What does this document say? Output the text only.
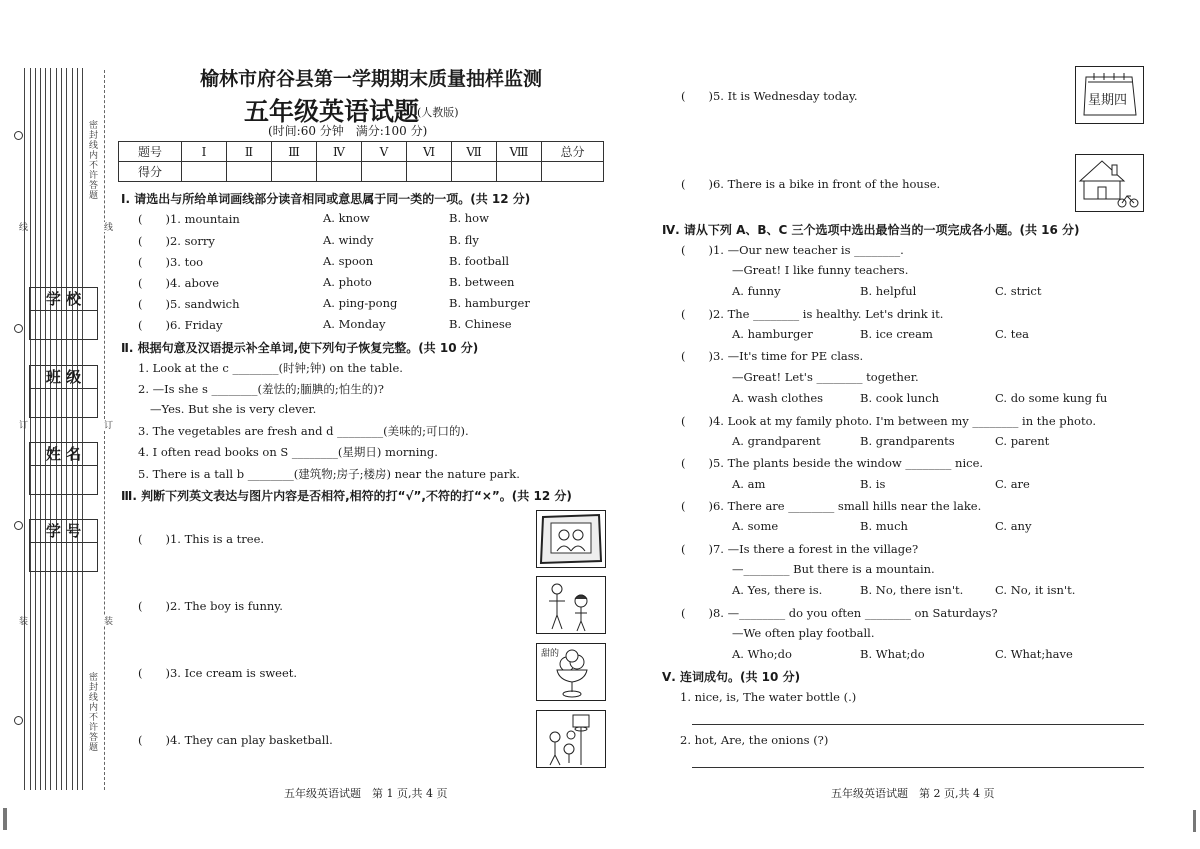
密封线内不许答题
密封线内不许答题
线	线
订	订
装	装
学 校
班 级
姓 名
学 号
榆林市府谷县第一学期期末质量抽样监测
五年级英语试题
(人教版)
(时间:60 分钟　满分:100 分)
题号	Ⅰ	Ⅱ	Ⅲ	Ⅳ	Ⅴ	Ⅵ	Ⅶ	Ⅷ	总分
得分									
Ⅰ. 请选出与所给单词画线部分读音相同或意思属于同一类的一项。(共 12 分)
(　　)1. mountain	A. know	B. how
(　　)2. sorry	A. windy	B. fly
(　　)3. too	A. spoon	B. football
(　　)4. above	A. photo	B. between
(　　)5. sandwich	A. ping-pong	B. hamburger
(　　)6. Friday	A. Monday	B. Chinese
Ⅱ. 根据句意及汉语提示补全单词,使下列句子恢复完整。(共 10 分)
1. Look at the c ________(时钟;钟) on the table.
2. —Is she s ________(羞怯的;腼腆的;怕生的)?
—Yes. But she is very clever.
3. The vegetables are fresh and d ________(美味的;可口的).
4. I often read books on S ________(星期日) morning.
5. There is a tall b ________(建筑物;房子;楼房) near the nature park.
Ⅲ. 判断下列英文表达与图片内容是否相符,相符的打“√”,不符的打“×”。(共 12 分)
(　　)1. This is a tree.
(　　)2. The boy is funny.
(　　)3. Ice cream is sweet.
(　　)4. They can play basketball.
甜的
(　　)5. It is Wednesday today.
(　　)6. There is a bike in front of the house.
星期四
Ⅳ. 请从下列 A、B、C 三个选项中选出最恰当的一项完成各小题。(共 16 分)
(　　)1. —Our new teacher is ________.
—Great! I like funny teachers.
A. funny	B. helpful	C. strict
(　　)2. The ________ is healthy. Let's drink it.
A. hamburger	B. ice cream	C. tea
(　　)3. —It's time for PE class.
—Great! Let's ________ together.
A. wash clothes	B. cook lunch	C. do some kung fu
(　　)4. Look at my family photo. I'm between my ________ in the photo.
A. grandparent	B. grandparents	C. parent
(　　)5. The plants beside the window ________ nice.
A. am	B. is	C. are
(　　)6. There are ________ small hills near the lake.
A. some	B. much	C. any
(　　)7. —Is there a forest in the village?
—________ But there is a mountain.
A. Yes, there is.	B. No, there isn't.	C. No, it isn't.
(　　)8. —________ do you often ________ on Saturdays?
—We often play football.
A. Who;do	B. What;do	C. What;have
Ⅴ. 连词成句。(共 10 分)
1. nice, is, The water bottle (.)
2. hot, Are, the onions (?)
五年级英语试题　第 1 页,共 4 页	五年级英语试题　第 2 页,共 4 页
